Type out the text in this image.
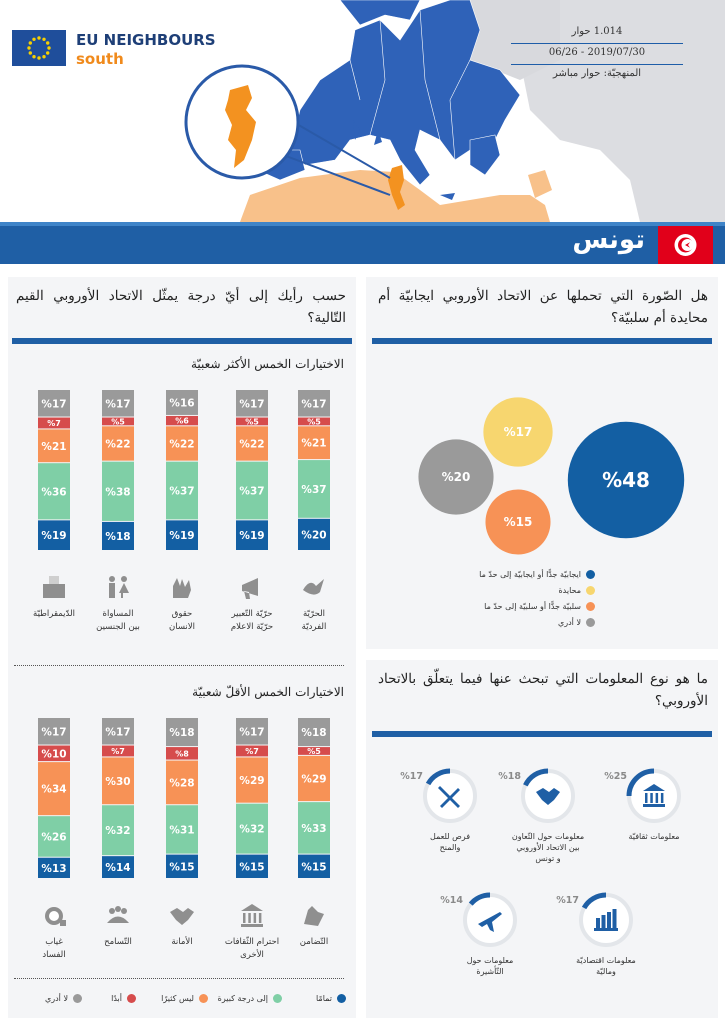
EU NEIGHBOURS
south
1.014 حوار
2019/07/30 - 06/26
المنهجيّة: حوار مباشر
تونس
هل الصّورة التي تحملها عن الاتحاد الأوروبي ايجابيّة أم محايدة أم سلبيّة؟
%48
%17
%15
%20
ايجابيّة جدًّا أو ايجابيّة إلى حدّ ما
محايدة
سلبيّة جدًّا أو سلبيّة إلى حدّ ما
لا أدري
ما هو نوع المعلومات التي تبحث عنها فيما يتعلّق بالاتحاد الأوروبي؟
%25
معلومات ثقافيّة
%18
معلومات حول التّعاون
بين الاتحاد الأوروبي
و تونس
%17
فرص للعمل
والمنح
%17
معلومات اقتصاديّة
وماليّة
%14
معلومات حول
التّأشيرة
حسب رأيك إلى أيّ درجة يمثّل الاتحاد الأوروبي القيم التّالية؟
الاختيارات الخمس الأكثر شعبيّة
الاختيارات الخمس الأقلّ شعبيّة
%20
%37
%21
%5
%17
الحرّيّة
الفرديّة
%19
%37
%22
%5
%17
حرّيّة التّعبير
حرّيّة الاعلام
%19
%37
%22
%6
%16
حقوق
الانسان
%18
%38
%22
%5
%17
المساواة
بين الجنسين
%19
%36
%21
%7
%17
الدّيمقراطيّة
%15
%33
%29
%5
%18
التّضامن
%15
%32
%29
%7
%17
احترام الثّقافات
الأخرى
%15
%31
%28
%8
%18
الأمانة
%14
%32
%30
%7
%17
التّسامح
%13
%26
%34
%10
%17
غياب
الفساد
تمامًا
إلى درجة كبيرة
ليس كثيرًا
أبدًا
لا أدري
